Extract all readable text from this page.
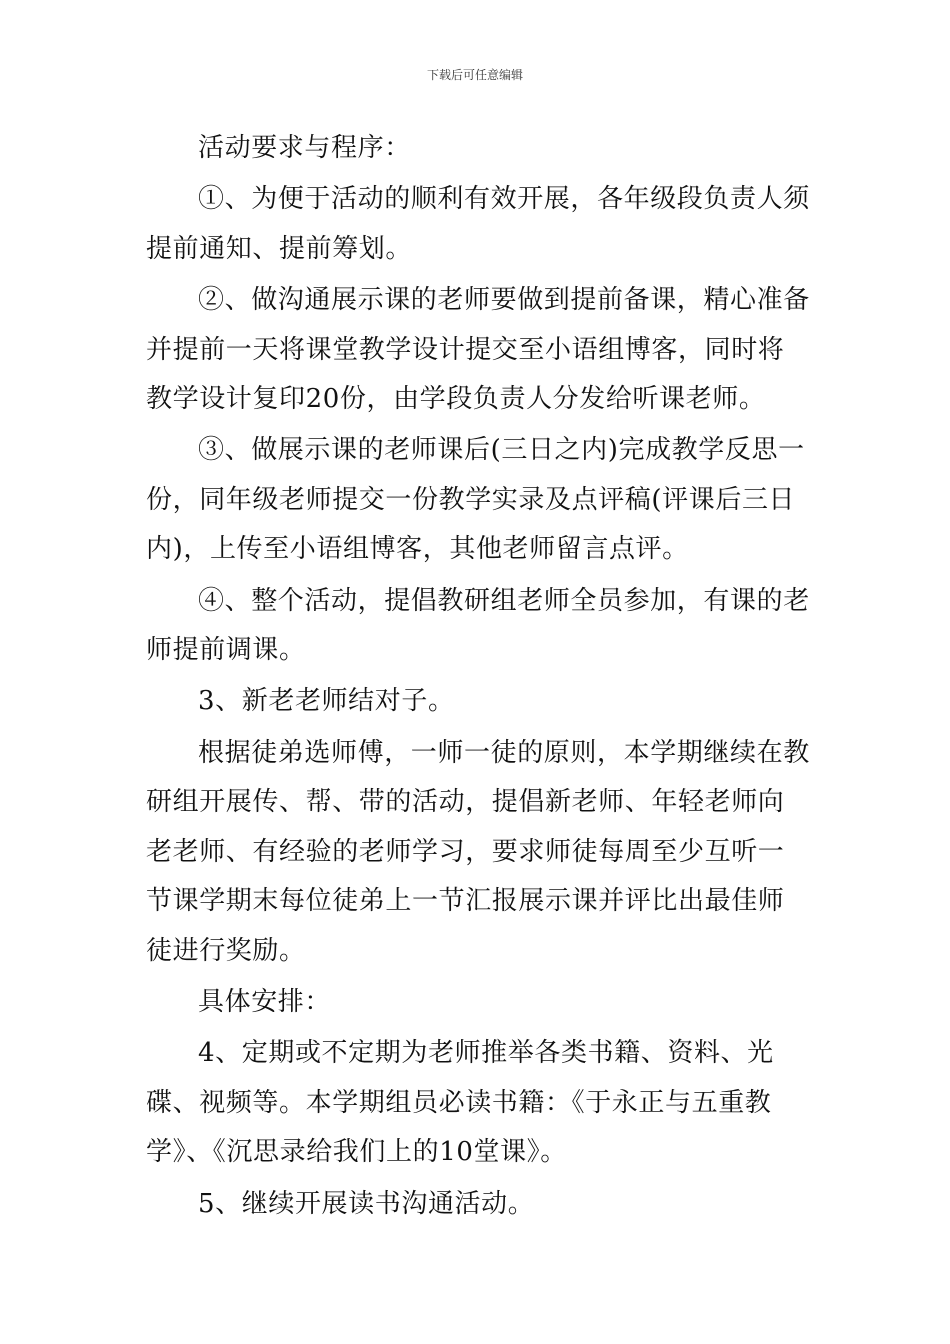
下载后可任意编辑

活动要求与程序：

①、为便于活动的顺利有效开展，各年级段负责人须提前通知、提前筹划。

②、做沟通展示课的老师要做到提前备课，精心准备并提前一天将课堂教学设计提交至小语组博客，同时将教学设计复印20份，由学段负责人分发给听课老师。

③、做展示课的老师课后(三日之内)完成教学反思一份，同年级老师提交一份教学实录及点评稿(评课后三日内)，上传至小语组博客，其他老师留言点评。

④、整个活动，提倡教研组老师全员参加，有课的老师提前调课。

3、新老老师结对子。

根据徒弟选师傅，一师一徒的原则，本学期继续在教研组开展传、帮、带的活动，提倡新老师、年轻老师向老老师、有经验的老师学习，要求师徒每周至少互听一节课学期末每位徒弟上一节汇报展示课并评比出最佳师徒进行奖励。

具体安排：

4、定期或不定期为老师推举各类书籍、资料、光碟、视频等。本学期组员必读书籍：《于永正与五重教学》、《沉思录给我们上的10堂课》。

5、继续开展读书沟通活动。
